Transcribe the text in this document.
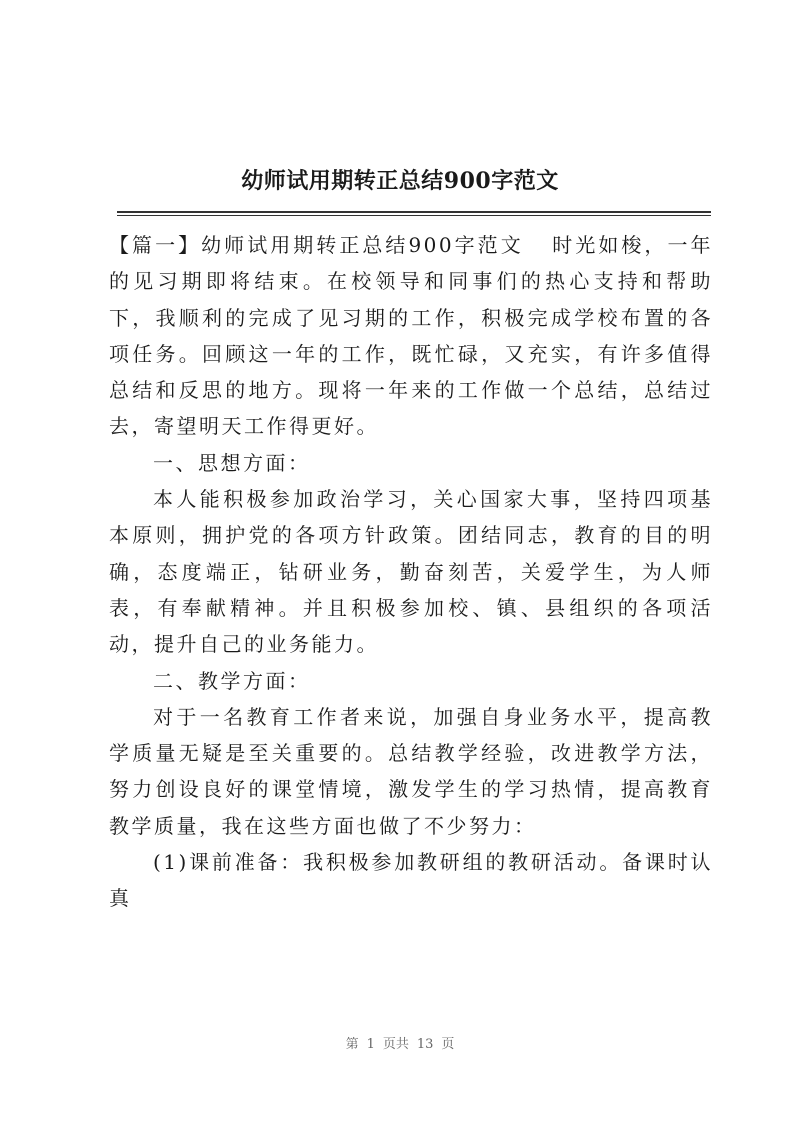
幼师试用期转正总结900字范文

【篇一】幼师试用期转正总结900字范文 时光如梭，一年的见习期即将结束。在校领导和同事们的热心支持和帮助下，我顺利的完成了见习期的工作，积极完成学校布置的各项任务。回顾这一年的工作，既忙碌，又充实，有许多值得总结和反思的地方。现将一年来的工作做一个总结，总结过去，寄望明天工作得更好。

一、思想方面：

本人能积极参加政治学习，关心国家大事，坚持四项基本原则，拥护党的各项方针政策。团结同志，教育的目的明确，态度端正，钻研业务，勤奋刻苦，关爱学生，为人师表，有奉献精神。并且积极参加校、镇、县组织的各项活动，提升自己的业务能力。

二、教学方面：

对于一名教育工作者来说，加强自身业务水平，提高教学质量无疑是至关重要的。总结教学经验，改进教学方法，努力创设良好的课堂情境，激发学生的学习热情，提高教育教学质量，我在这些方面也做了不少努力：

(1)课前准备：我积极参加教研组的教研活动。备课时认真

第 1 页共 13 页
